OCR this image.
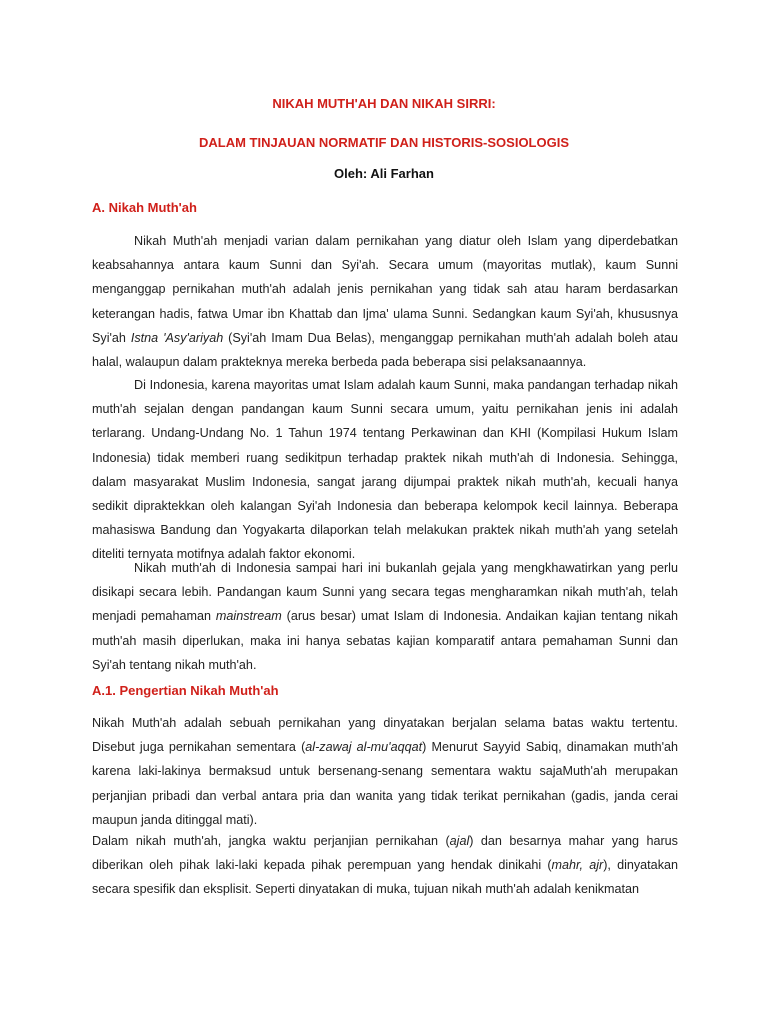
NIKAH MUTH'AH DAN NIKAH SIRRI:
DALAM TINJAUAN NORMATIF DAN HISTORIS-SOSIOLOGIS
Oleh: Ali Farhan
A. Nikah Muth'ah
Nikah Muth'ah menjadi varian dalam pernikahan yang diatur oleh Islam yang diperdebatkan keabsahannya antara kaum Sunni dan Syi'ah. Secara umum (mayoritas mutlak), kaum Sunni menganggap pernikahan muth'ah adalah jenis pernikahan yang tidak sah atau haram berdasarkan keterangan hadis, fatwa Umar ibn Khattab dan Ijma' ulama Sunni. Sedangkan kaum Syi'ah, khususnya Syi'ah Istna 'Asy'ariyah (Syi'ah Imam Dua Belas), menganggap pernikahan muth'ah adalah boleh atau halal, walaupun dalam prakteknya mereka berbeda pada beberapa sisi pelaksanaannya.
Di Indonesia, karena mayoritas umat Islam adalah kaum Sunni, maka pandangan terhadap nikah muth'ah sejalan dengan pandangan kaum Sunni secara umum, yaitu pernikahan jenis ini adalah terlarang. Undang-Undang No. 1 Tahun 1974 tentang Perkawinan dan KHI (Kompilasi Hukum Islam Indonesia) tidak memberi ruang sedikitpun terhadap praktek nikah muth'ah di Indonesia. Sehingga, dalam masyarakat Muslim Indonesia, sangat jarang dijumpai praktek nikah muth'ah, kecuali hanya sedikit dipraktekkan oleh kalangan Syi'ah Indonesia dan beberapa kelompok kecil lainnya. Beberapa mahasiswa Bandung dan Yogyakarta dilaporkan telah melakukan praktek nikah muth'ah yang setelah diteliti ternyata motifnya adalah faktor ekonomi.
Nikah muth'ah di Indonesia sampai hari ini bukanlah gejala yang mengkhawatirkan yang perlu disikapi secara lebih. Pandangan kaum Sunni yang secara tegas mengharamkan nikah muth'ah, telah menjadi pemahaman mainstream (arus besar) umat Islam di Indonesia. Andaikan kajian tentang nikah muth'ah masih diperlukan, maka ini hanya sebatas kajian komparatif antara pemahaman Sunni dan Syi'ah tentang nikah muth'ah.
A.1. Pengertian Nikah Muth'ah
Nikah Muth'ah adalah sebuah pernikahan yang dinyatakan berjalan selama batas waktu tertentu. Disebut juga pernikahan sementara (al-zawaj al-mu'aqqat) Menurut Sayyid Sabiq, dinamakan muth'ah karena laki-lakinya bermaksud untuk bersenang-senang sementara waktu sajaMuth'ah merupakan perjanjian pribadi dan verbal antara pria dan wanita yang tidak terikat pernikahan (gadis, janda cerai maupun janda ditinggal mati).
Dalam nikah muth'ah, jangka waktu perjanjian pernikahan (ajal) dan besarnya mahar yang harus diberikan oleh pihak laki-laki kepada pihak perempuan yang hendak dinikahi (mahr, ajr), dinyatakan secara spesifik dan eksplisit. Seperti dinyatakan di muka, tujuan nikah muth'ah adalah kenikmatan
